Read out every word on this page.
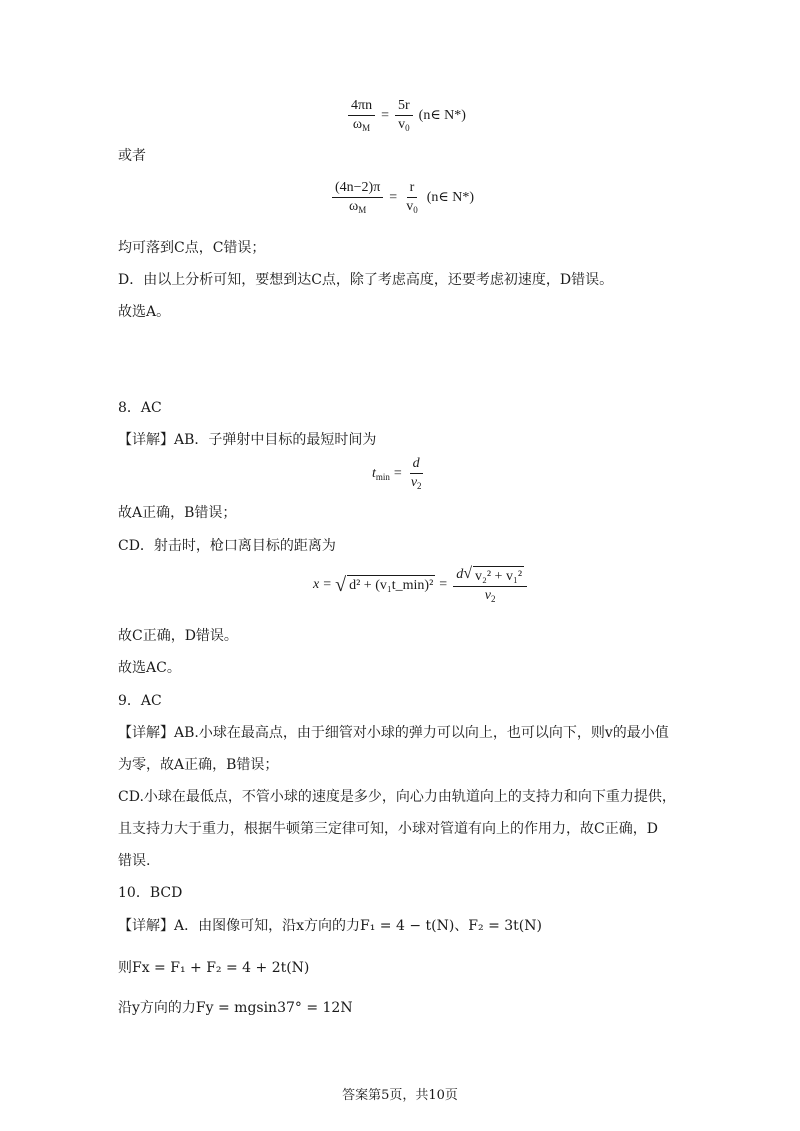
$\frac{4\pi n}{\omega_M} = \frac{5r}{v_0}$ (n∈ N*)
或者
$\frac{(4n-2)\pi}{\omega_M} = \frac{r}{v_0}$ (n∈ N*)
均可落到C点，C错误；
D．由以上分析可知，要想到达C点，除了考虑高度，还要考虑初速度，D错误。
故选A。
8．AC
【详解】AB．子弹射中目标的最短时间为
$t_{min} = \frac{d}{v_2}$
故A正确，B错误；
CD．射击时，枪口离目标的距离为
x = √ d² + (v₁t_min)² = $\frac{\text{d √ v₂² + v₁²}}{v_2}$
故C正确，D错误。
故选AC。
9．AC
【详解】AB.小球在最高点，由于细管对小球的弹力可以向上，也可以向下，则v的最小值
为零，故A正确，B错误；
CD.小球在最低点，不管小球的速度是多少，向心力由轨道向上的支持力和向下重力提供，
且支持力大于重力，根据牛顿第三定律可知，小球对管道有向上的作用力，故C正确，D
错误.
10．BCD
【详解】A．由图像可知，沿x方向的力F₁ = 4 − t(N)、F₂ = 3t(N)
则Fx = F₁ + F₂ = 4 + 2t(N)
沿y方向的力Fy = mgsin37° = 12N
答案第5页，共10页
